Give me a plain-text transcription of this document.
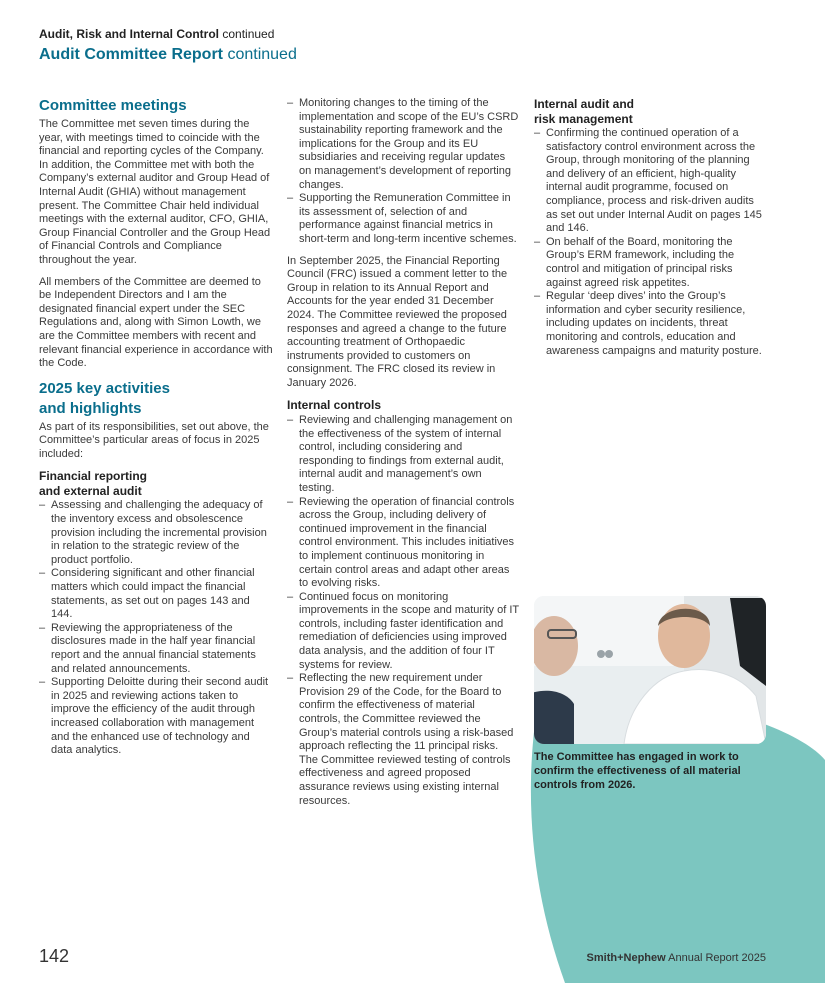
Audit, Risk and Internal Control continued
Audit Committee Report continued
Committee meetings

The Committee met seven times during the year, with meetings timed to coincide with the financial and reporting cycles of the Company. In addition, the Committee met with both the Company’s external auditor and Group Head of Internal Audit (GHIA) without management present. The Committee Chair held individual meetings with the external auditor, CFO, GHIA, Group Financial Controller and the Group Head of Financial Controls and Compliance throughout the year.

All members of the Committee are deemed to be Independent Directors and I am the designated financial expert under the SEC Regulations and, along with Simon Lowth, we are the Committee members with recent and relevant financial experience in accordance with the Code.

2025 key activities
and highlights

As part of its responsibilities, set out above, the Committee’s particular areas of focus in 2025 included:

Financial reporting
and external audit
– Assessing and challenging the adequacy of the inventory excess and obsolescence provision including the incremental provision in relation to the strategic review of the product portfolio.
– Considering significant and other financial matters which could impact the financial statements, as set out on pages 143 and 144.
– Reviewing the appropriateness of the disclosures made in the half year financial report and the annual financial statements and related announcements.
– Supporting Deloitte during their second audit in 2025 and reviewing actions taken to improve the efficiency of the audit through increased collaboration with management and the enhanced use of technology and data analytics.
– Monitoring changes to the timing of the implementation and scope of the EU’s CSRD sustainability reporting framework and the implications for the Group and its EU subsidiaries and receiving regular updates on management’s development of reporting changes.
– Supporting the Remuneration Committee in its assessment of, selection of and performance against financial metrics in short-term and long-term incentive schemes.

In September 2025, the Financial Reporting Council (FRC) issued a comment letter to the Group in relation to its Annual Report and Accounts for the year ended 31 December 2024. The Committee reviewed the proposed responses and agreed a change to the future accounting treatment of Orthopaedic instruments provided to customers on consignment. The FRC closed its review in January 2026.

Internal controls
– Reviewing and challenging management on the effectiveness of the system of internal control, including considering and responding to findings from external audit, internal audit and management’s own testing.
– Reviewing the operation of financial controls across the Group, including delivery of continued improvement in the financial control environment. This includes initiatives to implement continuous monitoring in certain control areas and adapt other areas to evolving risks.
– Continued focus on monitoring improvements in the scope and maturity of IT controls, including faster identification and remediation of deficiencies using improved data analysis, and the addition of four IT systems for review.
– Reflecting the new requirement under Provision 29 of the Code, for the Board to confirm the effectiveness of material controls, the Committee reviewed the Group’s material controls using a risk-based approach reflecting the 11 principal risks. The Committee reviewed testing of controls effectiveness and agreed proposed assurance reviews using existing internal resources.
Internal audit and
risk management
– Confirming the continued operation of a satisfactory control environment across the Group, through monitoring of the planning and delivery of an efficient, high-quality internal audit programme, focused on compliance, process and risk-driven audits as set out under Internal Audit on pages 145 and 146.
– On behalf of the Board, monitoring the Group’s ERM framework, including the control and mitigation of principal risks against agreed risk appetites.
– Regular ‘deep dives’ into the Group’s information and cyber security resilience, including updates on incidents, threat monitoring and controls, education and awareness campaigns and maturity posture.
The Committee has engaged in work to confirm the effectiveness of all material controls from 2026.
142	Smith+Nephew Annual Report 2025
